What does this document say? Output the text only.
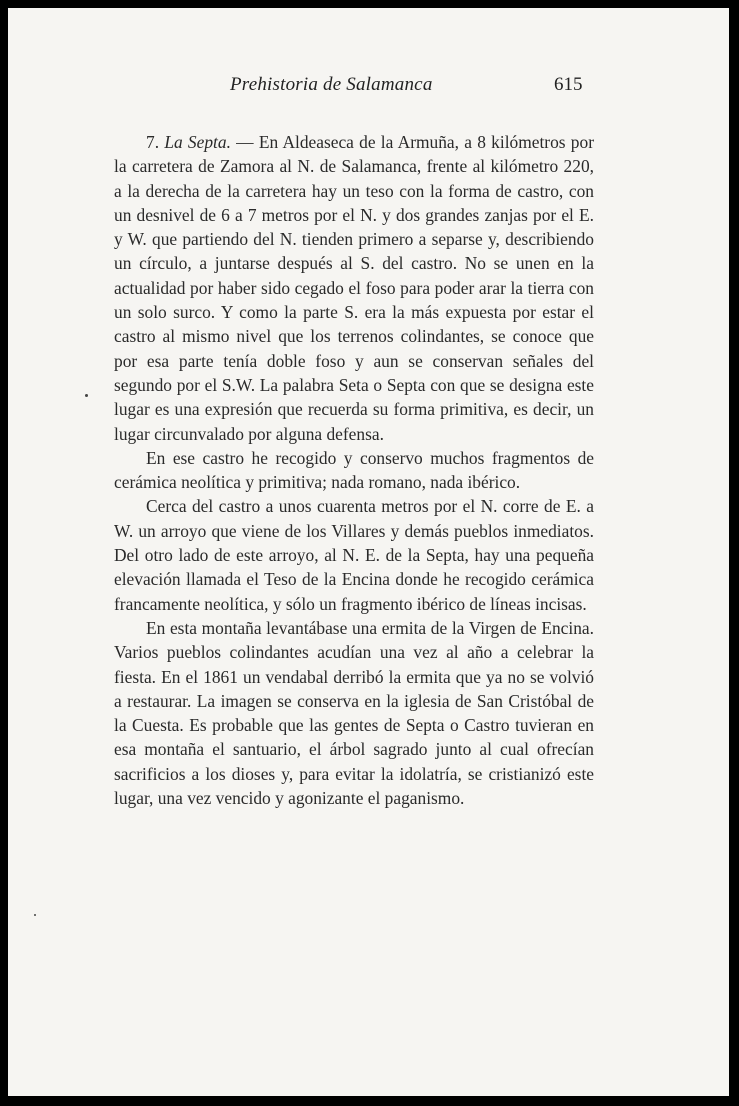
Prehistoria de Salamanca	615

7. La Septa. — En Aldeaseca de la Armuña, a 8 kilómetros por la carretera de Zamora al N. de Salamanca, frente al kilómetro 220, a la derecha de la carretera hay un teso con la forma de castro, con un desnivel de 6 a 7 metros por el N. y dos grandes zanjas por el E. y W. que partiendo del N. tienden primero a separse y, describiendo un círculo, a juntarse después al S. del castro. No se unen en la actualidad por haber sido cegado el foso para poder arar la tierra con un solo surco. Y como la parte S. era la más expuesta por estar el castro al mismo nivel que los terrenos colindantes, se conoce que por esa parte tenía doble foso y aun se conservan señales del segundo por el S.W. La palabra Seta o Septa con que se designa este lugar es una expresión que recuerda su forma primitiva, es decir, un lugar circunvalado por alguna defensa.

En ese castro he recogido y conservo muchos fragmentos de cerámica neolítica y primitiva; nada romano, nada ibérico.

Cerca del castro a unos cuarenta metros por el N. corre de E. a W. un arroyo que viene de los Villares y demás pueblos inmediatos. Del otro lado de este arroyo, al N. E. de la Septa, hay una pequeña elevación llamada el Teso de la Encina donde he recogido cerámica francamente neolítica, y sólo un fragmento ibérico de líneas incisas.

En esta montaña levantábase una ermita de la Virgen de Encina. Varios pueblos colindantes acudían una vez al año a celebrar la fiesta. En el 1861 un vendabal derribó la ermita que ya no se volvió a restaurar. La imagen se conserva en la iglesia de San Cristóbal de la Cuesta. Es probable que las gentes de Septa o Castro tuvieran en esa montaña el santuario, el árbol sagrado junto al cual ofrecían sacrificios a los dioses y, para evitar la idolatría, se cristianizó este lugar, una vez vencido y agonizante el paganismo.
